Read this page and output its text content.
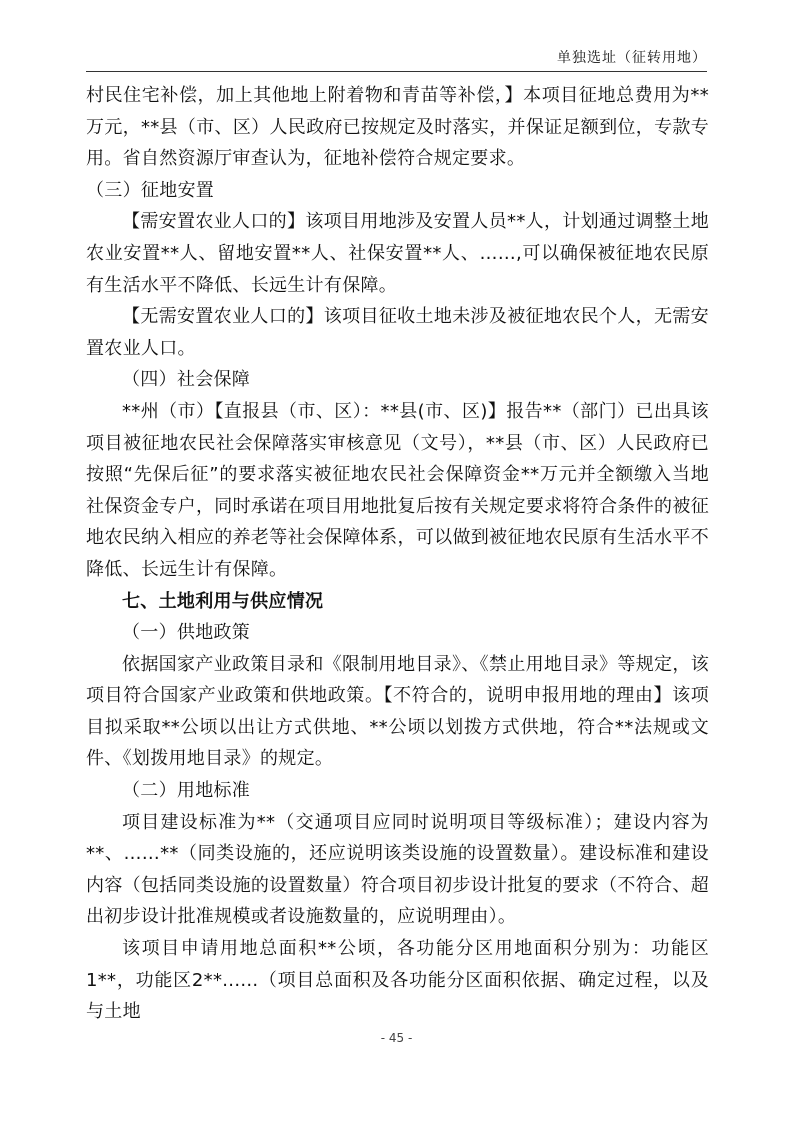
单独选址（征转用地）

村民住宅补偿，加上其他地上附着物和青苗等补偿，】本项目征地总费用为**万元，**县（市、区）人民政府已按规定及时落实，并保证足额到位，专款专用。省自然资源厅审查认为，征地补偿符合规定要求。

（三）征地安置

【需安置农业人口的】该项目用地涉及安置人员**人，计划通过调整土地农业安置**人、留地安置**人、社保安置**人、……,可以确保被征地农民原有生活水平不降低、长远生计有保障。

【无需安置农业人口的】该项目征收土地未涉及被征地农民个人，无需安置农业人口。

（四）社会保障

**州（市）【直报县（市、区）：**县(市、区)】报告**（部门）已出具该项目被征地农民社会保障落实审核意见（文号），**县（市、区）人民政府已按照“先保后征”的要求落实被征地农民社会保障资金**万元并全额缴入当地社保资金专户，同时承诺在项目用地批复后按有关规定要求将符合条件的被征地农民纳入相应的养老等社会保障体系，可以做到被征地农民原有生活水平不降低、长远生计有保障。

七、土地利用与供应情况

（一）供地政策

依据国家产业政策目录和《限制用地目录》、《禁止用地目录》等规定，该项目符合国家产业政策和供地政策。【不符合的，说明申报用地的理由】该项目拟采取**公顷以出让方式供地、**公顷以划拨方式供地，符合**法规或文件、《划拨用地目录》的规定。

（二）用地标准

项目建设标准为**（交通项目应同时说明项目等级标准）；建设内容为**、……**（同类设施的，还应说明该类设施的设置数量）。建设标准和建设内容（包括同类设施的设置数量）符合项目初步设计批复的要求（不符合、超出初步设计批准规模或者设施数量的，应说明理由）。

该项目申请用地总面积**公顷，各功能分区用地面积分别为：功能区1**，功能区2**......（项目总面积及各功能分区面积依据、确定过程，以及与土地

- 45 -
